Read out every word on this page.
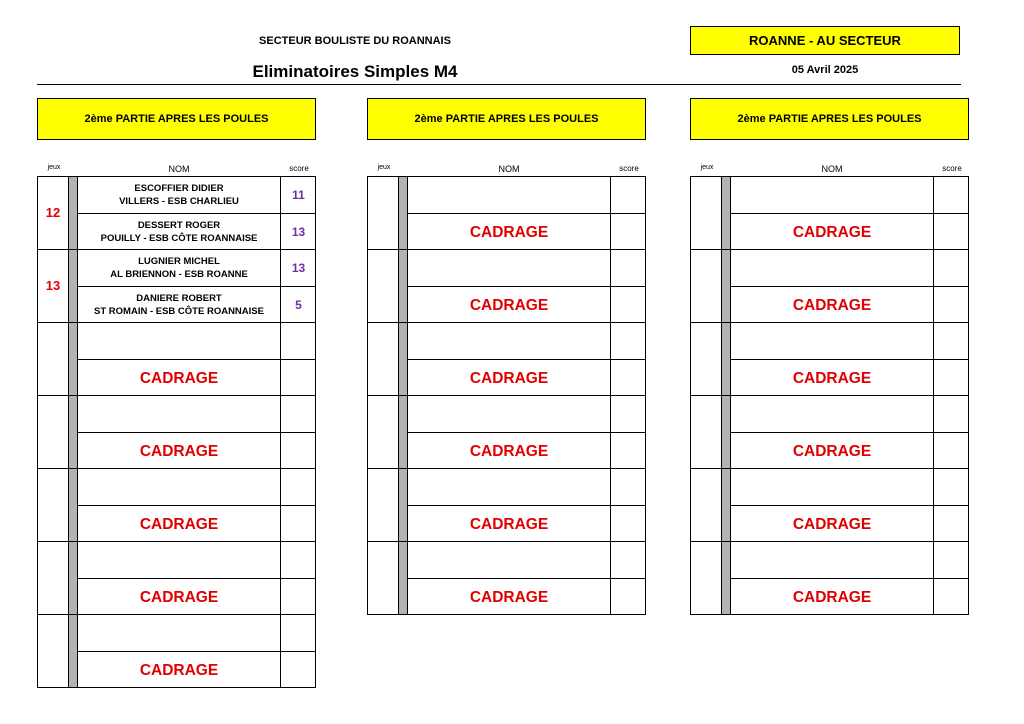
SECTEUR BOULISTE DU ROANNAIS
Eliminatoires Simples M4
ROANNE - AU SECTEUR
05 Avril 2025
2ème PARTIE APRES LES POULES
jeux	NOM	score
12
ESCOFFIER DIDIER
VILLERS - ESB CHARLIEU	11
DESSERT ROGER
POUILLY - ESB CÔTE ROANNAISE	13
13
LUGNIER MICHEL
AL BRIENNON - ESB ROANNE	13
DANIERE ROBERT
ST ROMAIN - ESB CÔTE ROANNAISE	5
CADRAGE
CADRAGE
CADRAGE
CADRAGE
CADRAGE
2ème PARTIE APRES LES POULES
jeux	NOM	score
CADRAGE
CADRAGE
CADRAGE
CADRAGE
CADRAGE
CADRAGE
2ème PARTIE APRES LES POULES
jeux	NOM	score
CADRAGE
CADRAGE
CADRAGE
CADRAGE
CADRAGE
CADRAGE
